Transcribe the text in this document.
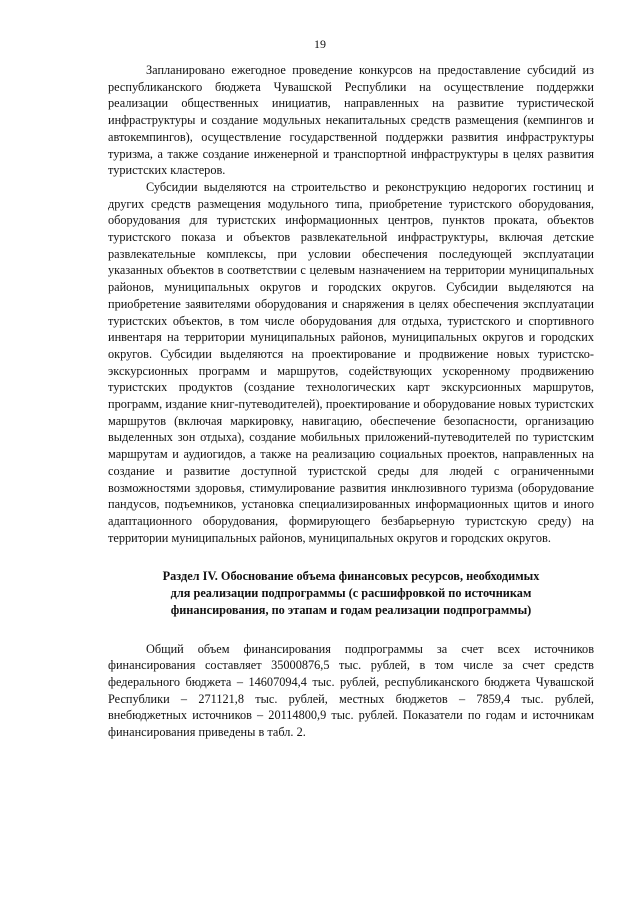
19

Запланировано ежегодное проведение конкурсов на предоставление субсидий из республиканского бюджета Чувашской Республики на осуществление поддержки реализации общественных инициатив, направленных на развитие туристической инфраструктуры и создание модульных некапитальных средств размещения (кемпингов и автокемпингов), осуществление государственной поддержки развития инфраструктуры туризма, а также создание инженерной и транспортной инфраструктуры в целях развития туристских кластеров.

Субсидии выделяются на строительство и реконструкцию недорогих гостиниц и других средств размещения модульного типа, приобретение туристского оборудования, оборудования для туристских информационных центров, пунктов проката, объектов туристского показа и объектов развлекательной инфраструктуры, включая детские развлекательные комплексы, при условии обеспечения последующей эксплуатации указанных объектов в соответствии с целевым назначением на территории муниципальных районов, муниципальных округов и городских округов. Субсидии выделяются на приобретение заявителями оборудования и снаряжения в целях обеспечения эксплуатации туристских объектов, в том числе оборудования для отдыха, туристского и спортивного инвентаря на территории муниципальных районов, муниципальных округов и городских округов. Субсидии выделяются на проектирование и продвижение новых туристско-экскурсионных программ и маршрутов, содействующих ускоренному продвижению туристских продуктов (создание технологических карт экскурсионных маршрутов, программ, издание книг-путеводителей), проектирование и оборудование новых туристских маршрутов (включая маркировку, навигацию, обеспечение безопасности, организацию выделенных зон отдыха), создание мобильных приложений-путеводителей по туристским маршрутам и аудиогидов, а также на реализацию социальных проектов, направленных на создание и развитие доступной туристской среды для людей с ограниченными возможностями здоровья, стимулирование развития инклюзивного туризма (оборудование пандусов, подъемников, установка специализированных информационных щитов и иного адаптационного оборудования, формирующего безбарьерную туристскую среду) на территории муниципальных районов, муниципальных округов и городских округов.

Раздел IV. Обоснование объема финансовых ресурсов, необходимых
для реализации подпрограммы (с расшифровкой по источникам
финансирования, по этапам и годам реализации подпрограммы)

Общий объем финансирования подпрограммы за счет всех источников финансирования составляет 35000876,5 тыс. рублей, в том числе за счет средств федерального бюджета – 14607094,4 тыс. рублей, республиканского бюджета Чувашской Республики – 271121,8 тыс. рублей, местных бюджетов – 7859,4 тыс. рублей, внебюджетных источников – 20114800,9 тыс. рублей. Показатели по годам и источникам финансирования приведены в табл. 2.
